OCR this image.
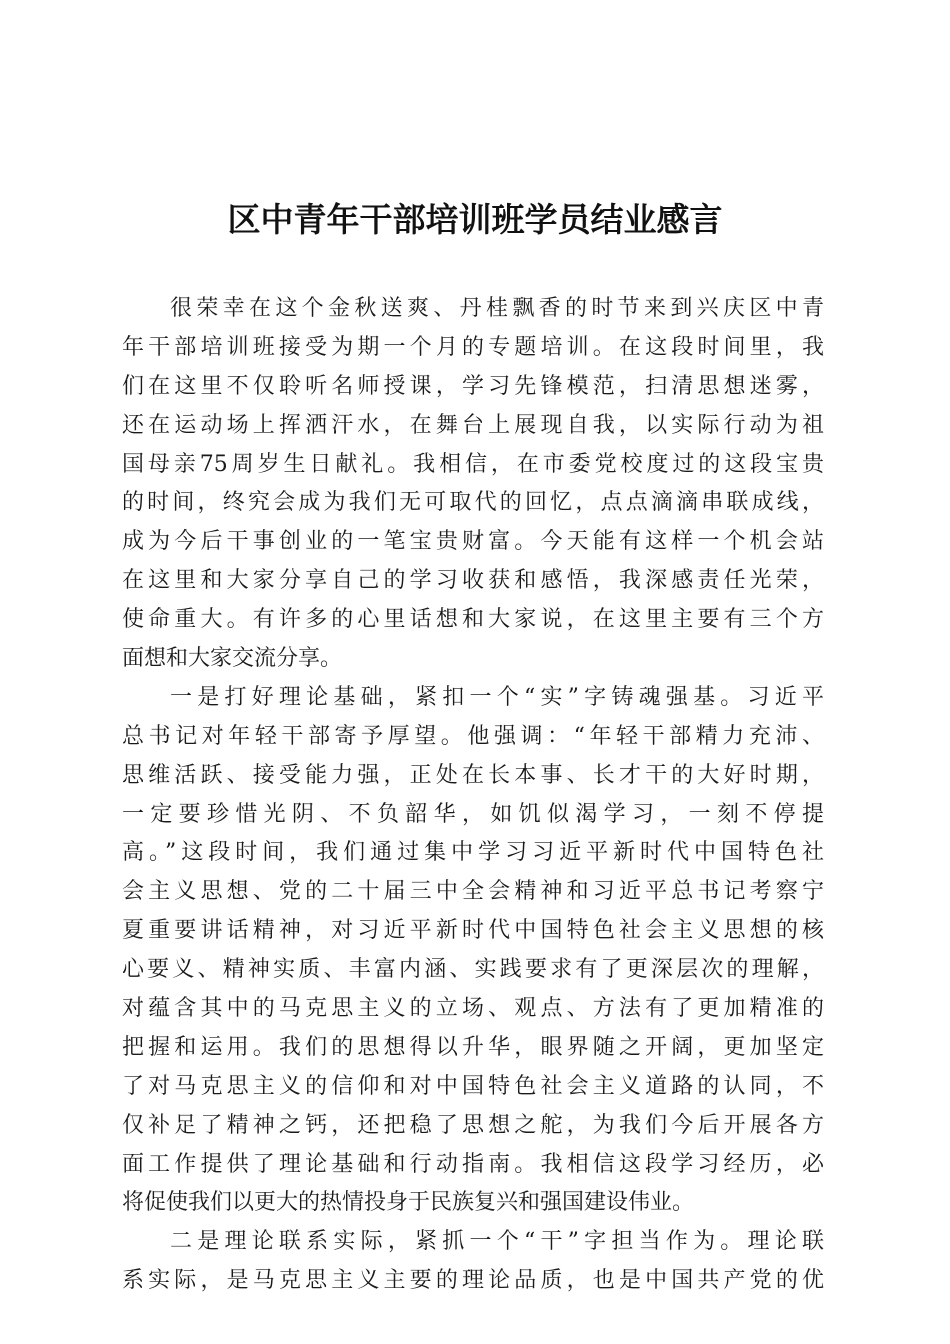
区中青年干部培训班学员结业感言
很荣幸在这个金秋送爽、丹桂飘香的时节来到兴庆区中青
年干部培训班接受为期一个月的专题培训。在这段时间里，我
们在这里不仅聆听名师授课，学习先锋模范，扫清思想迷雾，
还在运动场上挥洒汗水，在舞台上展现自我，以实际行动为祖
国母亲75周岁生日献礼。我相信，在市委党校度过的这段宝贵
的时间，终究会成为我们无可取代的回忆，点点滴滴串联成线，
成为今后干事创业的一笔宝贵财富。今天能有这样一个机会站
在这里和大家分享自己的学习收获和感悟，我深感责任光荣，
使命重大。有许多的心里话想和大家说，在这里主要有三个方
面想和大家交流分享。
一是打好理论基础，紧扣一个“实”字铸魂强基。习近平
总书记对年轻干部寄予厚望。他强调：“年轻干部精力充沛、
思维活跃、接受能力强，正处在长本事、长才干的大好时期，
一定要珍惜光阴、不负韶华，如饥似渴学习，一刻不停提
高。”这段时间，我们通过集中学习习近平新时代中国特色社
会主义思想、党的二十届三中全会精神和习近平总书记考察宁
夏重要讲话精神，对习近平新时代中国特色社会主义思想的核
心要义、精神实质、丰富内涵、实践要求有了更深层次的理解，
对蕴含其中的马克思主义的立场、观点、方法有了更加精准的
把握和运用。我们的思想得以升华，眼界随之开阔，更加坚定
了对马克思主义的信仰和对中国特色社会主义道路的认同，不
仅补足了精神之钙，还把稳了思想之舵，为我们今后开展各方
面工作提供了理论基础和行动指南。我相信这段学习经历，必
将促使我们以更大的热情投身于民族复兴和强国建设伟业。
二是理论联系实际，紧抓一个“干”字担当作为。理论联
系实际，是马克思主义主要的理论品质，也是中国共产党的优
